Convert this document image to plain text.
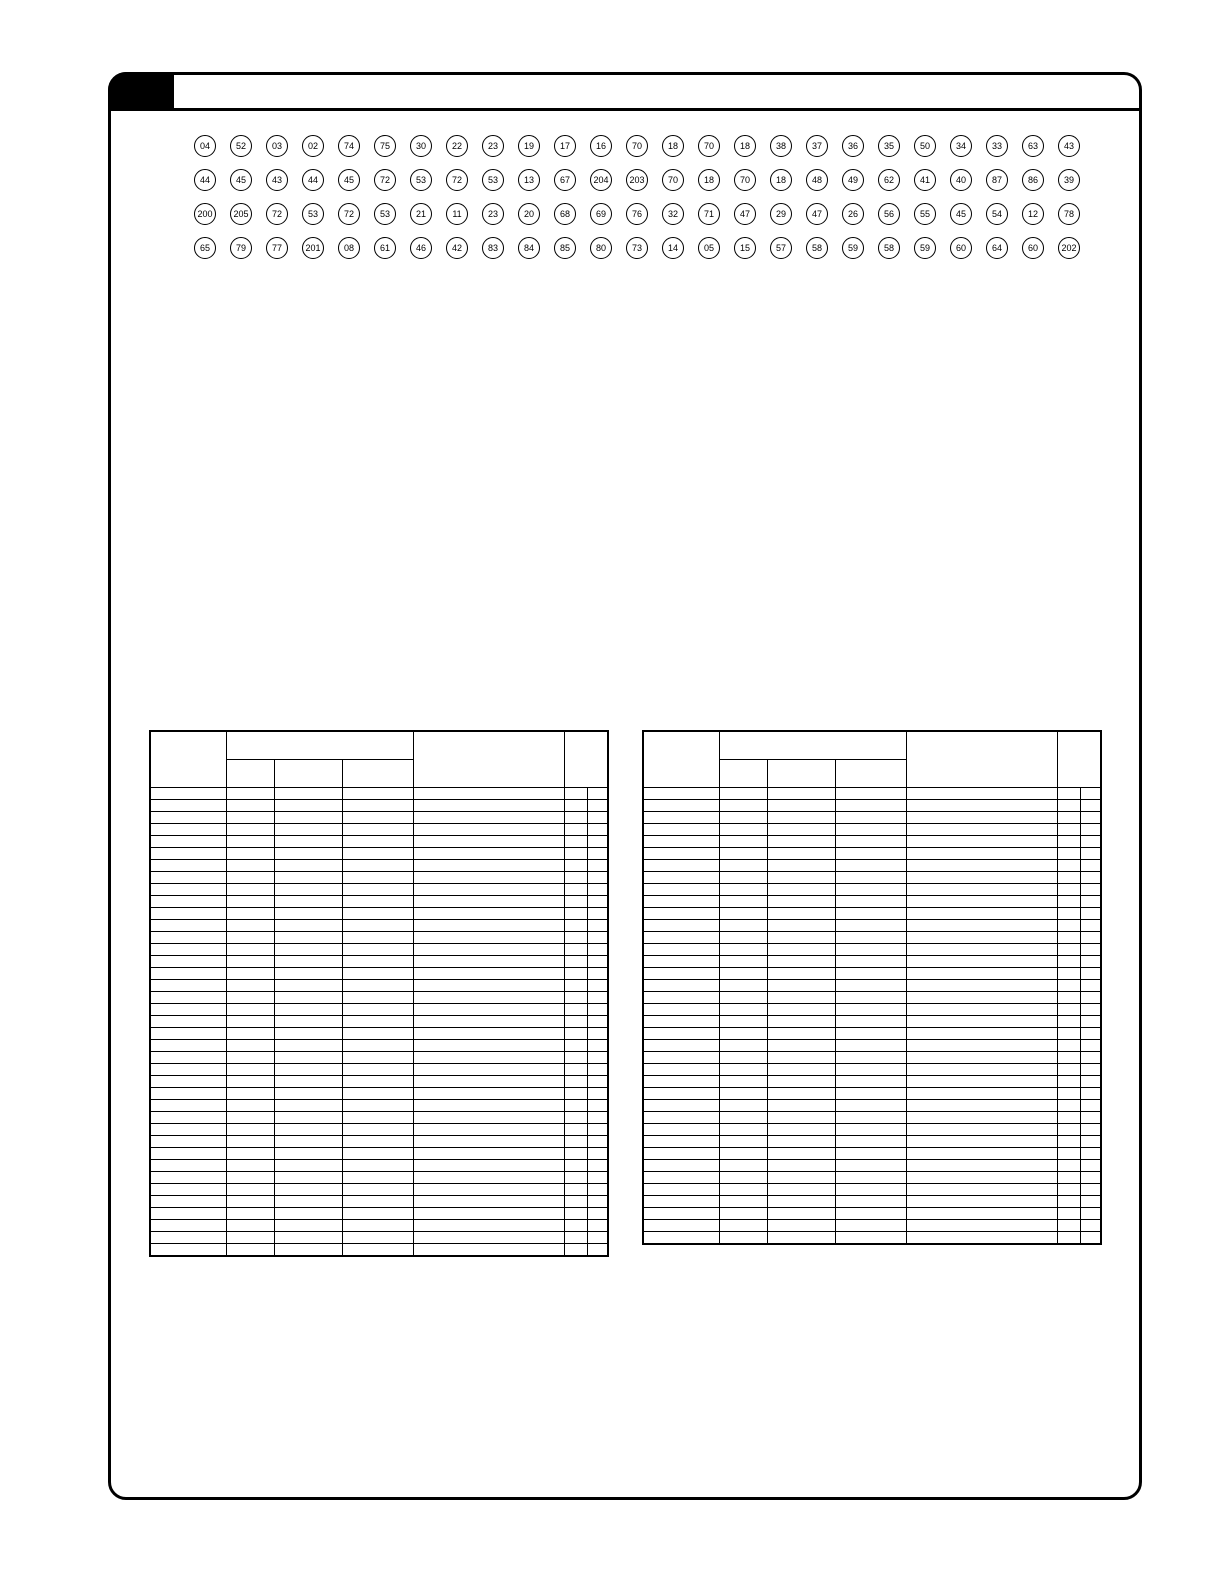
04	52	03	02	74	75	30	22	23	19	17	16	70	18	70	18	38	37	36	35	50	34	33	63	43
44	45	43	44	45	72	53	72	53	13	67	204	203	70	18	70	18	48	49	62	41	40	87	86	39
200	205	72	53	72	53	21	11	23	20	68	69	76	32	71	47	29	47	26	56	55	45	54	12	78
65	79	77	201	08	61	46	42	83	84	85	80	73	14	05	15	57	58	59	58	59	60	64	60	202
